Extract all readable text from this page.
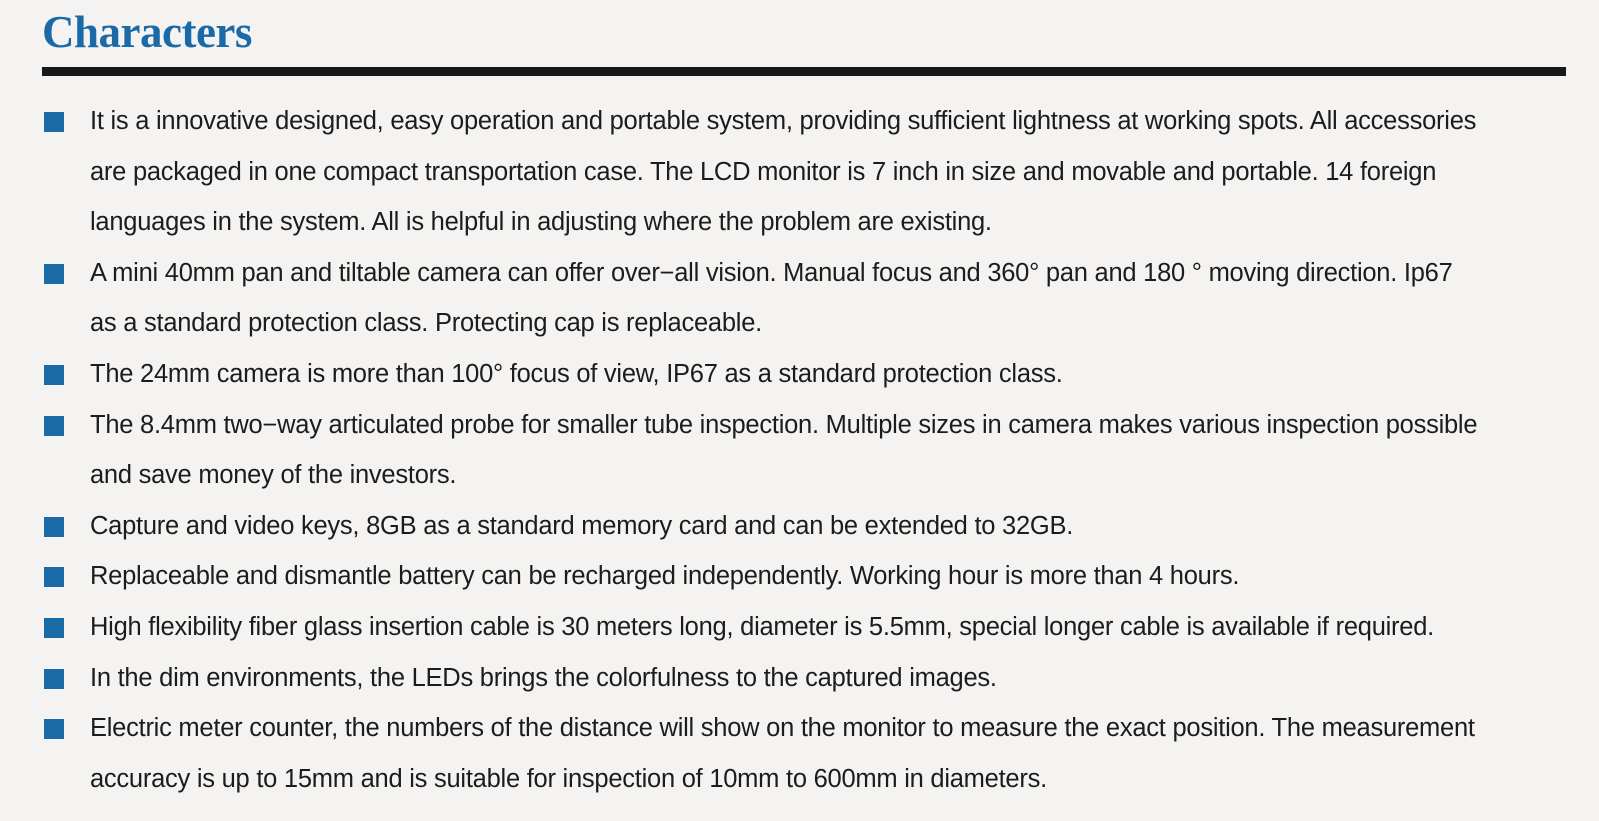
Characters
It is a innovative designed, easy operation and portable system, providing sufficient lightness at working spots. All accessories
are packaged in one compact transportation case. The LCD monitor is 7 inch in size and movable and portable. 14 foreign
languages in the system. All is helpful in adjusting where the problem are existing.
A mini 40mm pan and tiltable camera can offer over−all vision. Manual focus and 360° pan and 180 ° moving direction. Ip67
as a standard protection class. Protecting cap is replaceable.
The 24mm camera is more than 100° focus of view, IP67 as a standard protection class.
The 8.4mm two−way articulated probe for smaller tube inspection. Multiple sizes in camera makes various inspection possible
and save money of the investors.
Capture and video keys, 8GB as a standard memory card and can be extended to 32GB.
Replaceable and dismantle battery can be recharged independently. Working hour is more than 4 hours.
High flexibility fiber glass insertion cable is 30 meters long, diameter is 5.5mm, special longer cable is available if required.
In the dim environments, the LEDs brings the colorfulness to the captured images.
Electric meter counter, the numbers of the distance will show on the monitor to measure the exact position. The measurement
accuracy is up to 15mm and is suitable for inspection of 10mm to 600mm in diameters.
